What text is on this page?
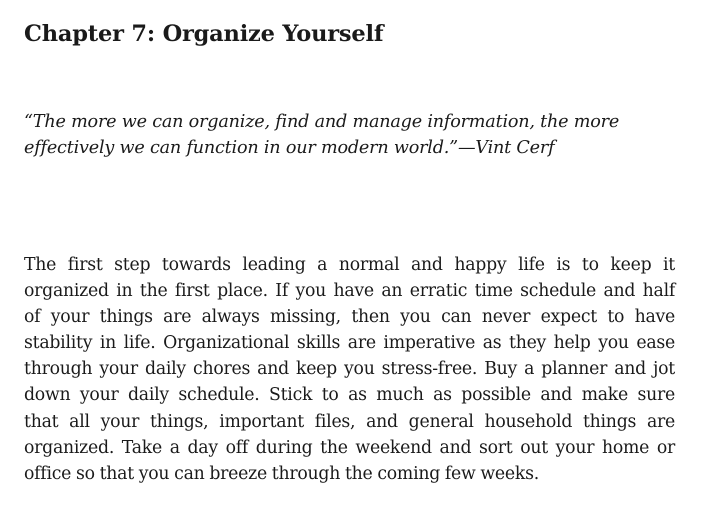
Chapter 7: Organize Yourself

“The more we can organize, find and manage information, the more
effectively we can function in our modern world.”—Vint Cerf

The first step towards leading a normal and happy life is to keep it
organized in the first place. If you have an erratic time schedule and half
of your things are always missing, then you can never expect to have
stability in life. Organizational skills are imperative as they help you ease
through your daily chores and keep you stress-free. Buy a planner and jot
down your daily schedule. Stick to as much as possible and make sure
that all your things, important files, and general household things are
organized. Take a day off during the weekend and sort out your home or
office so that you can breeze through the coming few weeks.
